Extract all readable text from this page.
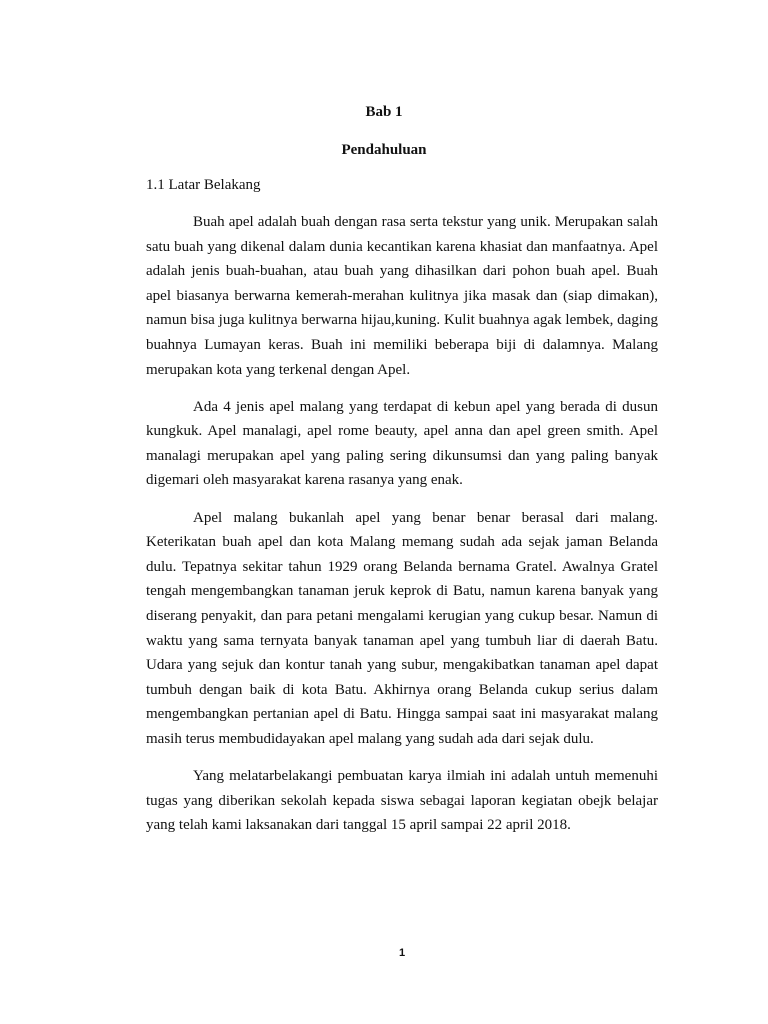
Bab 1
Pendahuluan
1.1 Latar Belakang

Buah apel adalah buah dengan rasa serta tekstur yang unik. Merupakan salah satu buah yang dikenal dalam dunia kecantikan karena khasiat dan manfaatnya. Apel adalah jenis buah-buahan, atau buah yang dihasilkan dari pohon buah apel. Buah apel biasanya berwarna kemerah-merahan kulitnya jika masak dan (siap dimakan), namun bisa juga kulitnya berwarna hijau,kuning. Kulit buahnya agak lembek, daging buahnya Lumayan keras. Buah ini memiliki beberapa biji di dalamnya. Malang merupakan kota yang terkenal dengan Apel.

Ada 4 jenis apel malang yang terdapat di kebun apel yang berada di dusun kungkuk. Apel manalagi, apel rome beauty, apel anna dan apel green smith. Apel manalagi merupakan apel yang paling sering dikunsumsi dan yang paling banyak digemari oleh masyarakat karena rasanya yang enak.

Apel malang bukanlah apel yang benar benar berasal dari malang. Keterikatan buah apel dan kota Malang memang sudah ada sejak jaman Belanda dulu. Tepatnya sekitar tahun 1929 orang Belanda bernama Gratel. Awalnya Gratel tengah mengembangkan tanaman jeruk keprok di Batu, namun karena banyak yang diserang penyakit, dan para petani mengalami kerugian yang cukup besar. Namun di waktu yang sama ternyata banyak tanaman apel yang tumbuh liar di daerah Batu. Udara yang sejuk dan kontur tanah yang subur, mengakibatkan tanaman apel dapat tumbuh dengan baik di kota Batu. Akhirnya orang Belanda cukup serius dalam mengembangkan pertanian apel di Batu. Hingga sampai saat ini masyarakat malang masih terus membudidayakan apel malang yang sudah ada dari sejak dulu.

Yang melatarbelakangi pembuatan karya ilmiah ini adalah untuh memenuhi tugas yang diberikan sekolah kepada siswa sebagai laporan kegiatan obejk belajar yang telah kami laksanakan dari tanggal 15 april sampai 22 april 2018.

1
